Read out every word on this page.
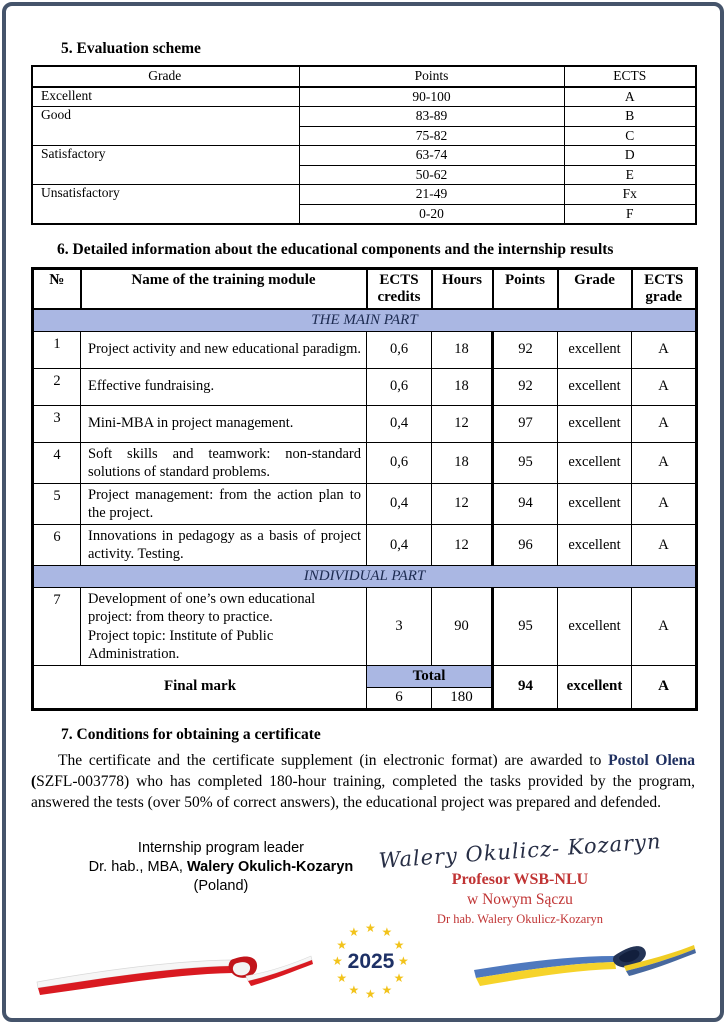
5. Evaluation scheme
Grade	Points	ECTS
Excellent	90-100	A
Good	83-89	B
	75-82	C
Satisfactory	63-74	D
	50-62	E
Unsatisfactory	21-49	Fx
	0-20	F
6. Detailed information about the educational components and the internship results
№	Name of the training module	ECTS credits	Hours	Points	Grade	ECTS grade
THE MAIN PART						
1	Project activity and new educational paradigm.	0,6	18	92	excellent	A
2	Effective fundraising.	0,6	18	92	excellent	A
3	Mini-MBA in project management.	0,4	12	97	excellent	A
4	Soft skills and teamwork: non-standard solutions of standard problems.	0,6	18	95	excellent	A
5	Project management: from the action plan to the project.	0,4	12	94	excellent	A
6	Innovations in pedagogy as a basis of project activity. Testing.	0,4	12	96	excellent	A
INDIVIDUAL PART						
7	Development of one’s own educational project: from theory to practice.
Project topic: Institute of Public Administration.	3	90	95	excellent	A
Final mark		Total		94	excellent	A
		6	180			
7. Conditions for obtaining a certificate

The certificate and the certificate supplement (in electronic format) are awarded to Postol Olena (SZFL-003778) who has completed 180-hour training, completed the tasks provided by the program, answered the tests (over 50% of correct answers), the educational project was prepared and defended.

Internship program leader
Dr. hab., MBA, Walery Okulich-Kozaryn
(Poland)
Walery Okulicz- Kozaryn
Profesor WSB-NLU
w Nowym Sączu
Dr hab. Walery Okulicz-Kozaryn
2025
★ ★
★
★
★
★
★
★
★
★
★
★
